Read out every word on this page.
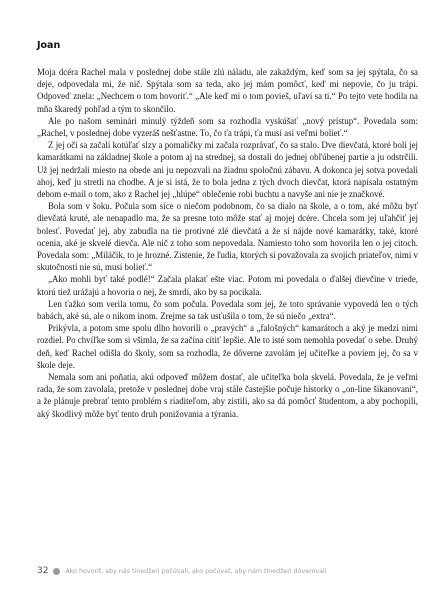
Joan

Moja dcéra Rachel mala v poslednej dobe stále zlú náladu, ale zakaždým, keď som sa jej spýtala, čo sa deje, odpovedala mi, že nič. Spýtala som sa teda, ako jej mám pomôcť, keď mi nepovie, čo ju trápi. Odpoveď znela: „Nechcem o tom hovoriť.“ „Ale keď mi o tom povieš, uľaví sa ti.“ Po tejto vete hodila na mňa škaredý pohľad a tým to skončilo.

Ale po našom seminári minulý týždeň som sa rozhodla vyskúšať „nový prístup“. Povedala som: „Rachel, v poslednej dobe vyzeráš nešťastne. To, čo ťa trápi, ťa musí asi veľmi bolieť.“

Z jej očí sa začali kotúľať slzy a pomaličky mi začala rozprávať, čo sa stalo. Dve dievčatá, ktoré boli jej kamarátkami na základnej škole a potom aj na strednej, sa dostali do jednej obľúbenej partie a ju odstrčili. Už jej nedržali miesto na obede ani ju nepozvali na žiadnu spoločnú zábavu. A dokonca jej sotva povedali ahoj, keď ju stretli na chodbe. A je si istá, že to bola jedna z tých dvoch dievčat, ktorá napísala ostatným debom e-mail o tom, ako z Rachel jej „hlúpe“ oblečenie robí buchtu a navyše ani nie je značkové.

Bola som v šoku. Počula som síce o niečom podobnom, čo sa dialo na škole, a o tom, aké môžu byť dievčatá kruté, ale nenapadlo ma, že sa presne toto môže stať aj mojej dcére. Chcela som jej uľahčiť jej bolesť. Povedať jej, aby zabudla na tie protivné zlé dievčatá a že si nájde nové kamarátky, také, ktoré ocenia, aké je skvelé dievča. Ale nič z toho som nepovedala. Namiesto toho som hovorila len o jej citoch. Povedala som: „Miláčik, to je hrozné. Zistenie, že ľudia, ktorých si považovala za svojich priateľov, nimi v skutočnosti nie sú, musí bolieť.“

„Ako mohli byť také podlé!“ Začala plakať ešte viac. Potom mi povedala o ďalšej dievčine v triede, ktorú tiež urážajú a hovoria o nej, že smrdí, ako by sa pocikala.

Len ťažko som verila tomu, čo som počula. Povedala som jej, že toto správanie vypovedá len o tých babách, aké sú, ale o nikom inom. Zrejme sa tak usťušila o tom, že sú niečo „extra“.

Prikývla, a potom sme spolu dlho hovorili o „pravých“ a „falošných“ kamarátoch a aký je medzi nimi rozdiel. Po chvíľke som si všimla, že sa začína cítiť lepšie. Ale to isté som nemohla povedať o sebe. Druhý deň, keď Rachel odišla do školy, som sa rozhodla, že dôverne zavolám jej učiteľke a poviem jej, čo sa v škole deje.

Nemala som ani poňatia, akú odpoveď môžem dostať, ale učiteľka bola skvelá. Povedala, že je veľmi rada, že som zavolala, pretože v poslednej dobe vraj stále častejšie počuje historky o „on-line šikanovaní“, a že plánuje prebrať tento problém s riaditeľom, aby zistili, ako sa dá pomôcť študentom, a aby pochopili, aký škodlivý môže byť tento druh ponižovania a týrania.

32	Ako hovoriť, aby nás tínedžeri počúvali, ako počúvať, aby nám tínedžeri dôverovali
